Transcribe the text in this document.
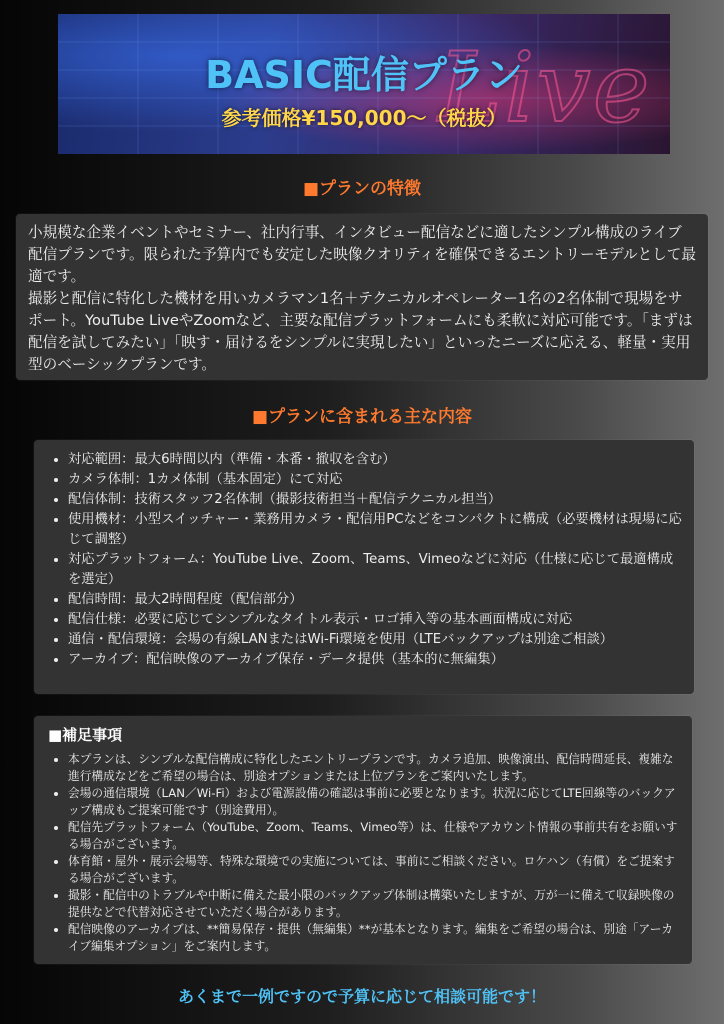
Live
BASIC配信プラン
参考価格¥150,000〜（税抜）
■プランの特徴

小規模な企業イベントやセミナー、社内行事、インタビュー配信などに適したシンプル構成のライブ配信プランです。限られた予算内でも安定した映像クオリティを確保できるエントリーモデルとして最適です。

撮影と配信に特化した機材を用いカメラマン1名＋テクニカルオペレーター1名の2名体制で現場をサポート。YouTube LiveやZoomなど、主要な配信プラットフォームにも柔軟に対応可能です。「まずは配信を試してみたい」「映す・届けるをシンプルに実現したい」といったニーズに応える、軽量・実用型のベーシックプランです。

■プランに含まれる主な内容
• 対応範囲：最大6時間以内（準備・本番・撤収を含む）
• カメラ体制：1カメ体制（基本固定）にて対応
• 配信体制：技術スタッフ2名体制（撮影技術担当＋配信テクニカル担当）
• 使用機材：小型スイッチャー・業務用カメラ・配信用PCなどをコンパクトに構成（必要機材は現場に応じて調整）
• 対応プラットフォーム：YouTube Live、Zoom、Teams、Vimeoなどに対応（仕様に応じて最適構成を選定）
• 配信時間：最大2時間程度（配信部分）
• 配信仕様：必要に応じてシンプルなタイトル表示・ロゴ挿入等の基本画面構成に対応
• 通信・配信環境：会場の有線LANまたはWi-Fi環境を使用（LTEバックアップは別途ご相談）
• アーカイブ：配信映像のアーカイブ保存・データ提供（基本的に無編集）
■補足事項
• 本プランは、シンプルな配信構成に特化したエントリープランです。カメラ追加、映像演出、配信時間延長、複雑な進行構成などをご希望の場合は、別途オプションまたは上位プランをご案内いたします。
• 会場の通信環境（LAN／Wi-Fi）および電源設備の確認は事前に必要となります。状況に応じてLTE回線等のバックアップ構成もご提案可能です（別途費用）。
• 配信先プラットフォーム（YouTube、Zoom、Teams、Vimeo等）は、仕様やアカウント情報の事前共有をお願いする場合がございます。
• 体育館・屋外・展示会場等、特殊な環境での実施については、事前にご相談ください。ロケハン（有償）をご提案する場合がございます。
• 撮影・配信中のトラブルや中断に備えた最小限のバックアップ体制は構築いたしますが、万が一に備えて収録映像の提供などで代替対応させていただく場合があります。
• 配信映像のアーカイブは、**簡易保存・提供（無編集）**が基本となります。編集をご希望の場合は、別途「アーカイブ編集オプション」をご案内します。
あくまで一例ですので予算に応じて相談可能です！
